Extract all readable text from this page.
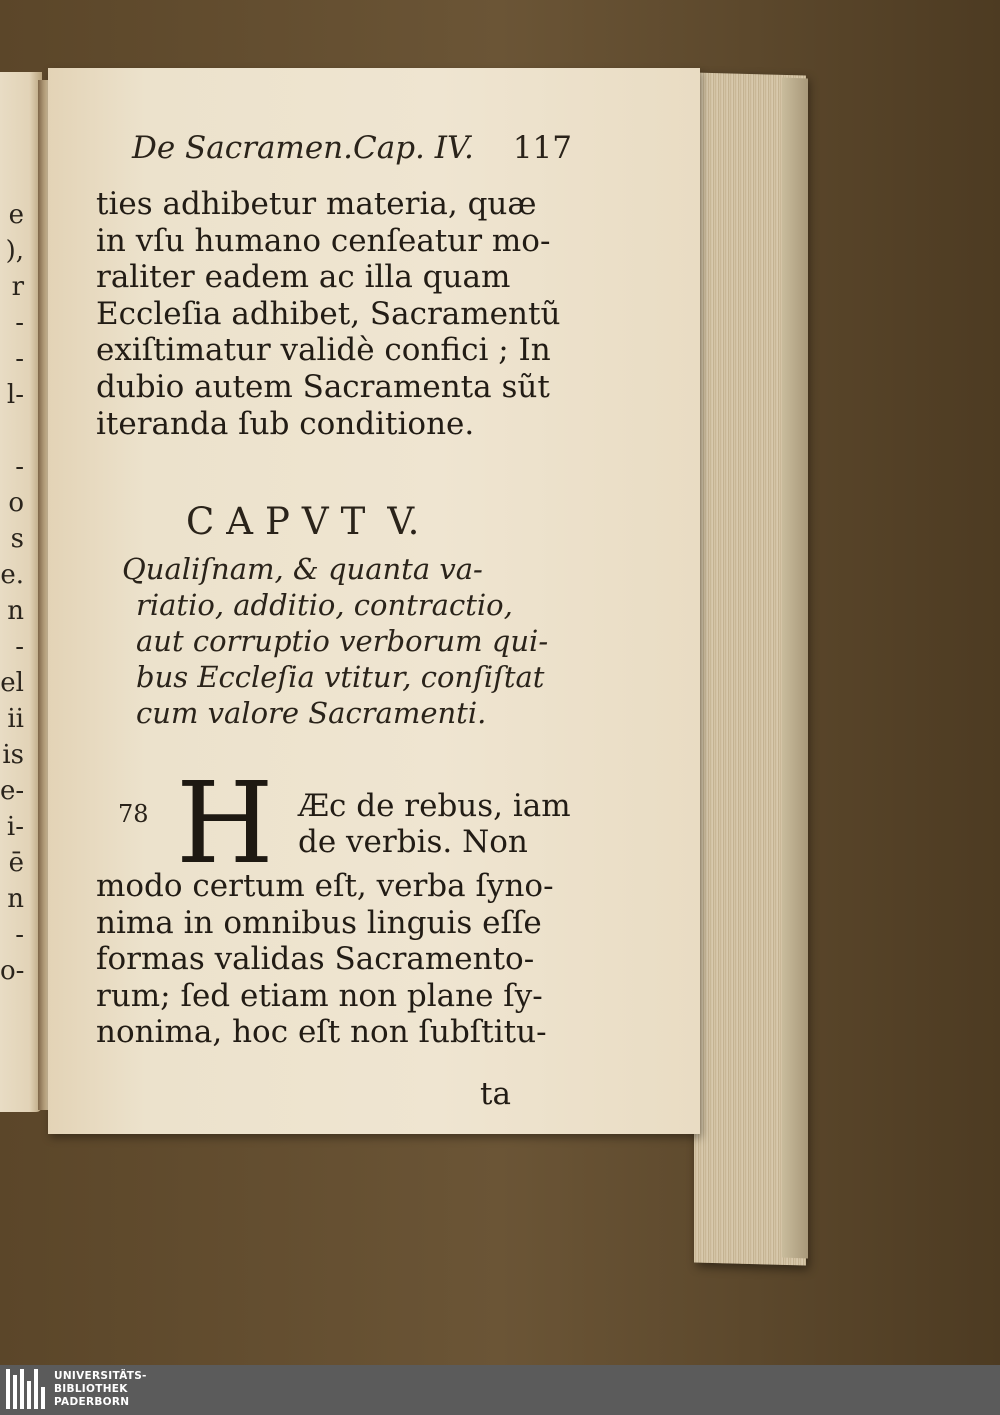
e
),
r
-
-
l-
-
o
s
e.
n
-
el
ii
is
e-
i-
ē
n
-
o-
De Sacramen.Cap. IV. 117
ties adhibetur materia, quæ
in vſu humano cenſeatur mo-
raliter eadem ac illa quam
Eccleſia adhibet, Sacramentũ
exiſtimatur validè confici ; In
dubio autem Sacramenta sũt
iteranda ſub conditione.
CAPVT V.
Qualiſnam, & quanta va-
riatio, additio, contractio,
aut corruptio verborum qui-
bus Eccleſia vtitur, conſiſtat
cum valore Sacramenti.
78 H Æc de rebus, iam
de verbis. Non
modo certum eſt, verba ſyno-
nima in omnibus linguis eſſe
formas validas Sacramento-
rum; ſed etiam non plane ſy-
nonima, hoc eſt non ſubſtitu-
ta
UNIVERSITÄTS-
BIBLIOTHEK
PADERBORN
